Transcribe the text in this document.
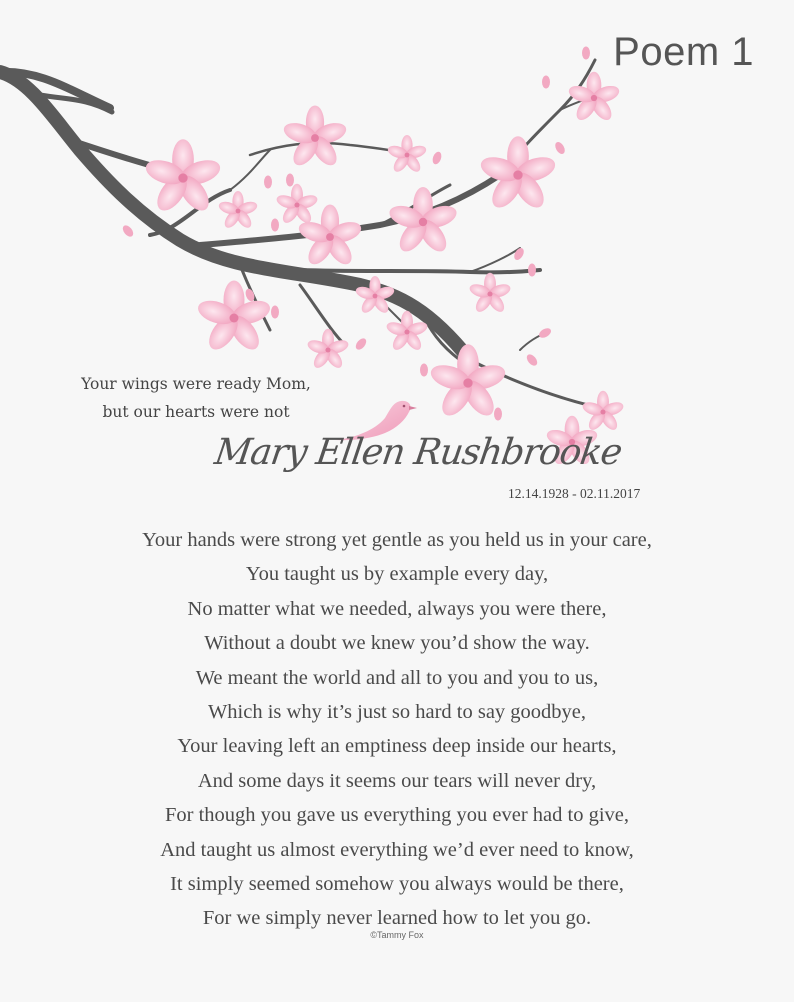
Poem 1
Your wings were ready Mom,
but our hearts were not
Mary Ellen Rushbrooke
12.14.1928 - 02.11.2017
Your hands were strong yet gentle as you held us in your care,
You taught us by example every day,
No matter what we needed, always you were there,
Without a doubt we knew you’d show the way.
We meant the world and all to you and you to us,
Which is why it’s just so hard to say goodbye,
Your leaving left an emptiness deep inside our hearts,
And some days it seems our tears will never dry,
For though you gave us everything you ever had to give,
And taught us almost everything we’d ever need to know,
It simply seemed somehow you always would be there,
For we simply never learned how to let you go.
©Tammy Fox
